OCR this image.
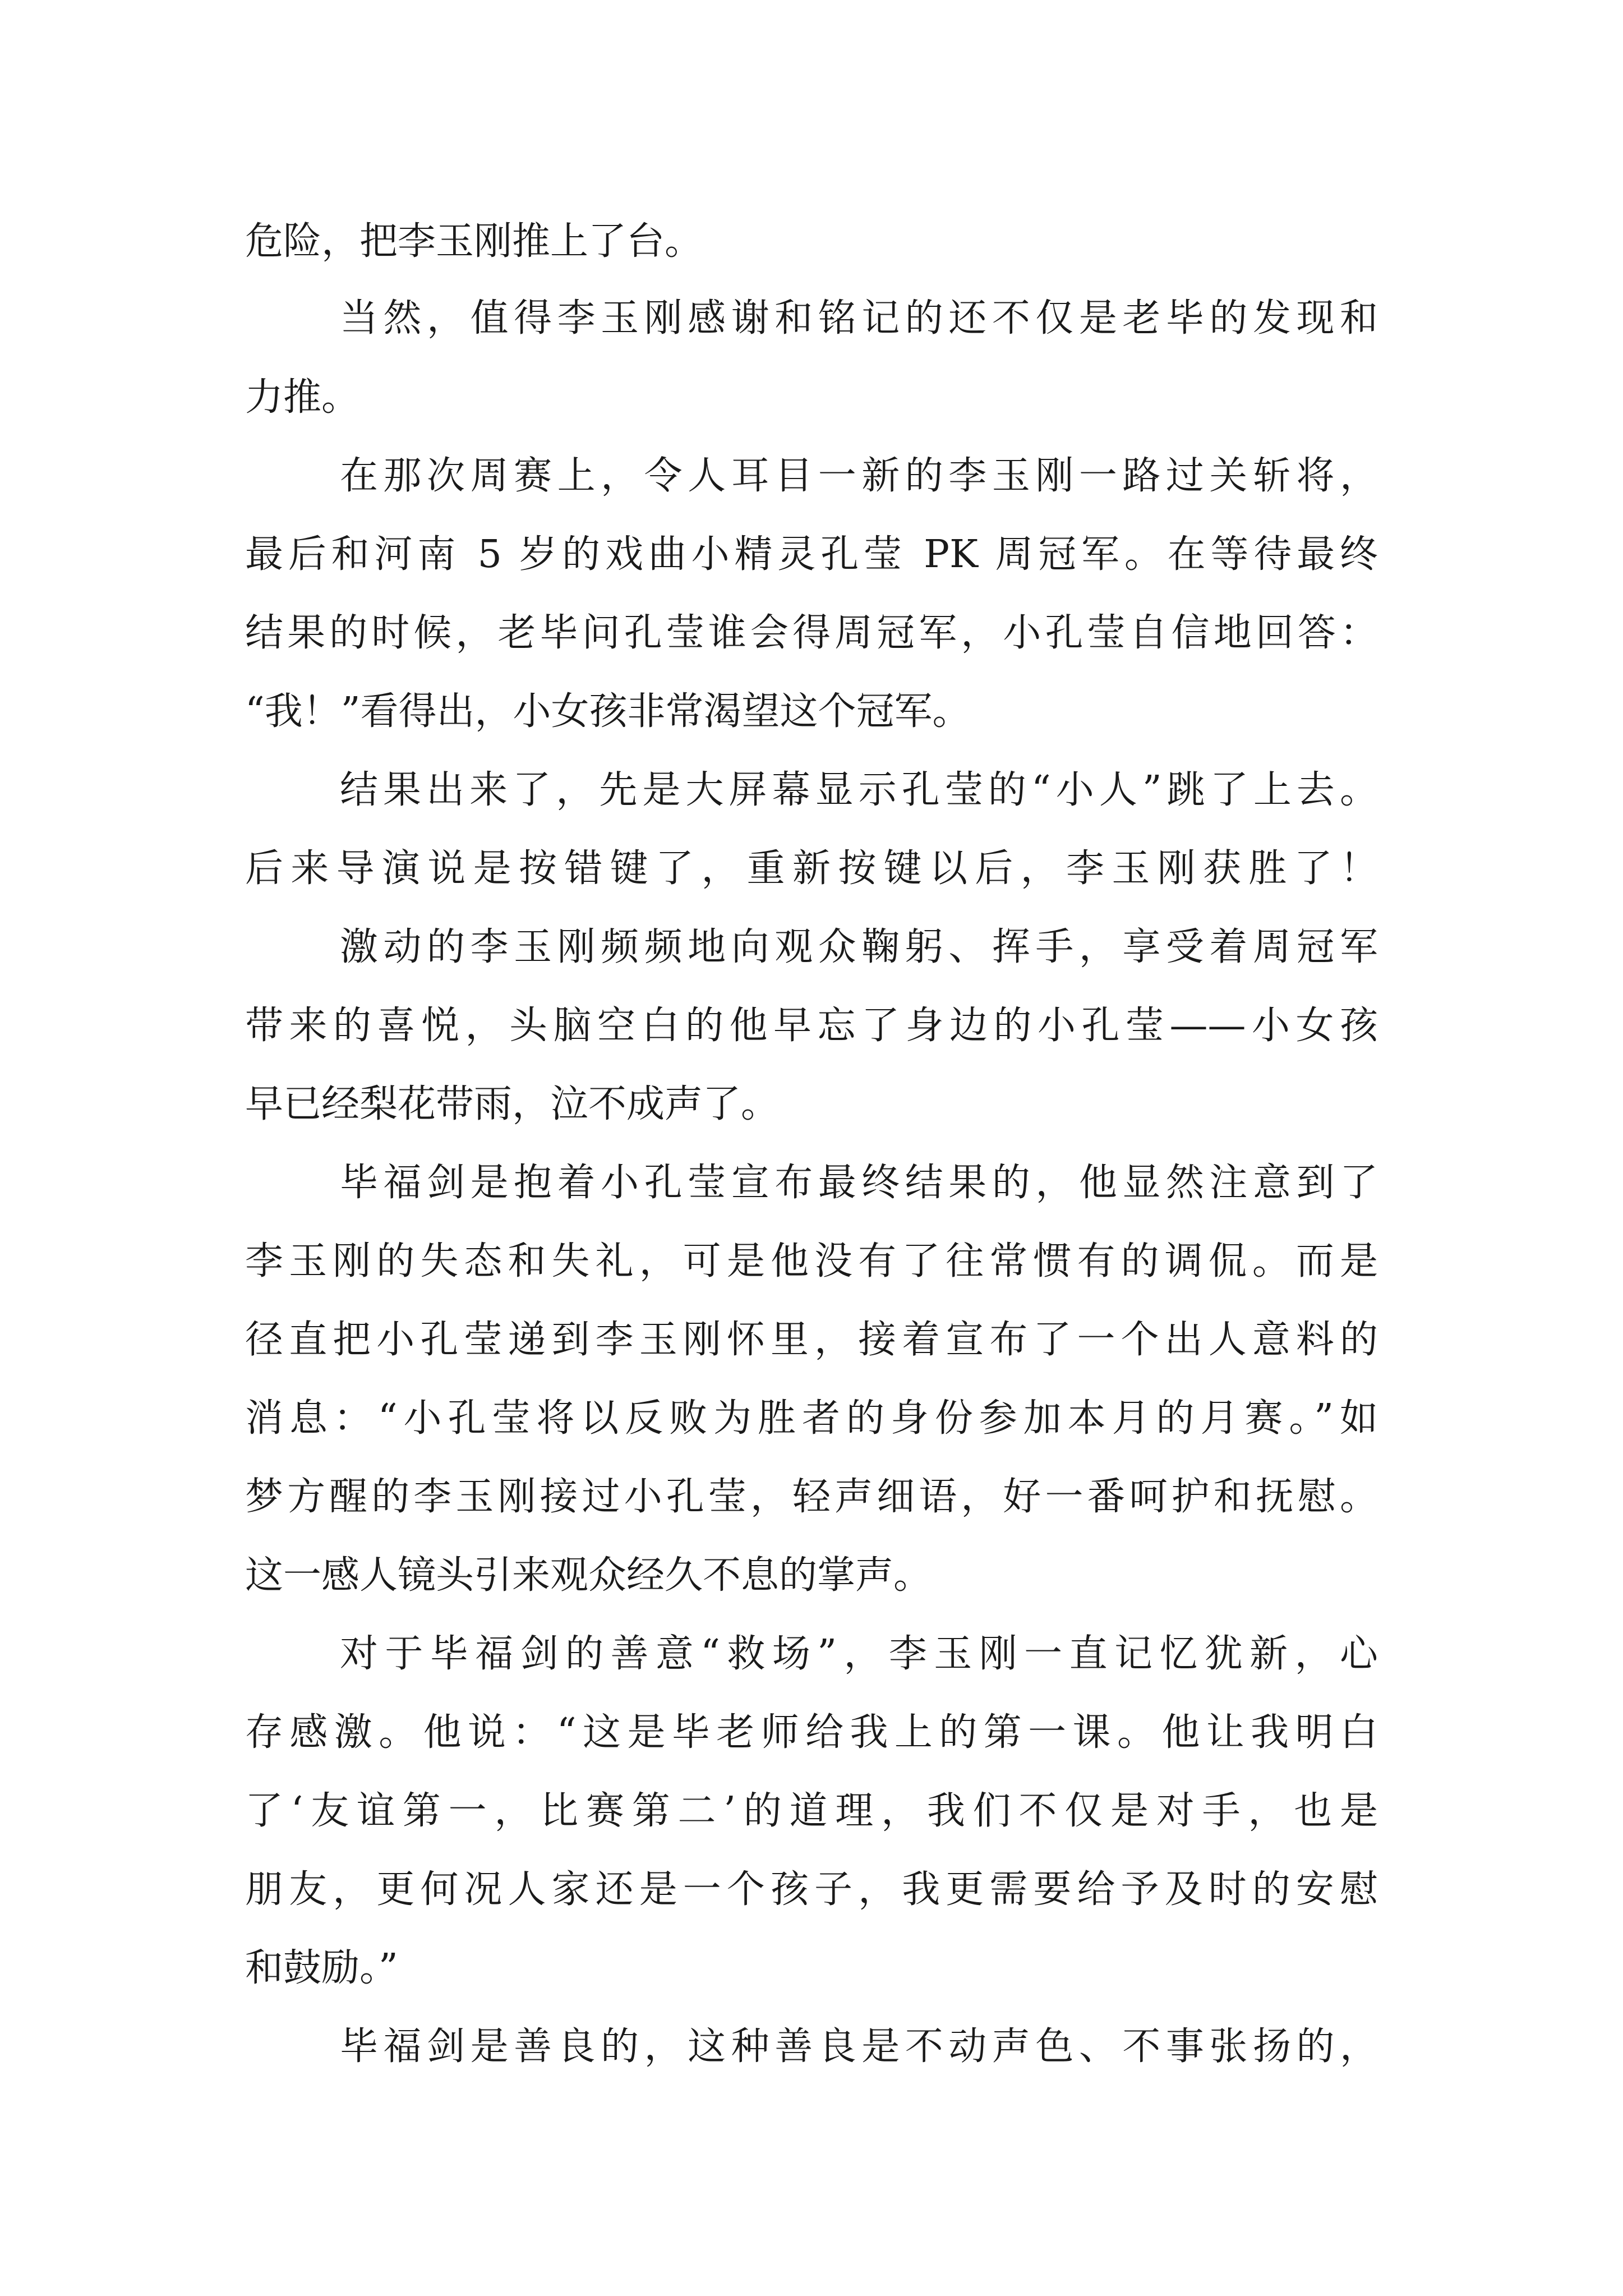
危险，把李玉刚推上了台。

当然，值得李玉刚感谢和铭记的还不仅是老毕的发现和

力推。

在那次周赛上，令人耳目一新的李玉刚一路过关斩将，

最后和河南 5 岁的戏曲小精灵孔莹 PK 周冠军。在等待最终

结果的时候，老毕问孔莹谁会得周冠军，小孔莹自信地回答：

“我！”看得出，小女孩非常渴望这个冠军。

结果出来了，先是大屏幕显示孔莹的“小人”跳了上去。

后来导演说是按错键了，重新按键以后，李玉刚获胜了！

激动的李玉刚频频地向观众鞠躬、挥手，享受着周冠军

带来的喜悦，头脑空白的他早忘了身边的小孔莹——小女孩

早已经梨花带雨，泣不成声了。

毕福剑是抱着小孔莹宣布最终结果的，他显然注意到了

李玉刚的失态和失礼，可是他没有了往常惯有的调侃。而是

径直把小孔莹递到李玉刚怀里，接着宣布了一个出人意料的

消息：“小孔莹将以反败为胜者的身份参加本月的月赛。”如

梦方醒的李玉刚接过小孔莹，轻声细语，好一番呵护和抚慰。

这一感人镜头引来观众经久不息的掌声。

对于毕福剑的善意“救场”，李玉刚一直记忆犹新，心

存感激。他说：“这是毕老师给我上的第一课。他让我明白

了‘友谊第一，比赛第二’的道理，我们不仅是对手，也是

朋友，更何况人家还是一个孩子，我更需要给予及时的安慰

和鼓励。”

毕福剑是善良的，这种善良是不动声色、不事张扬的，
